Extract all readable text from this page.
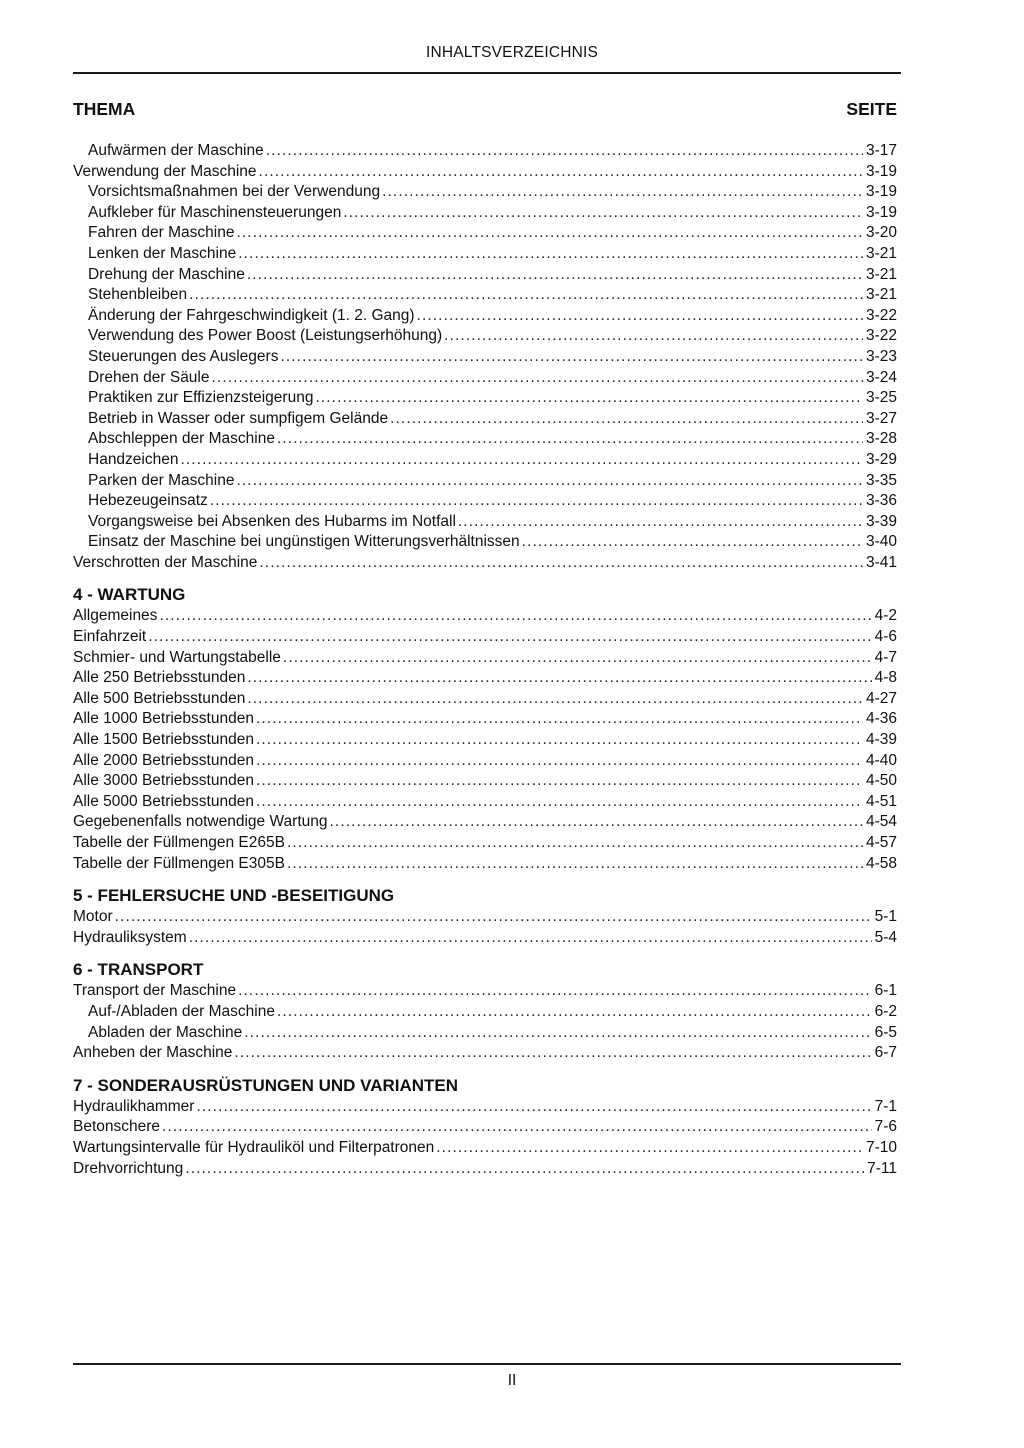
INHALTSVERZEICHNIS
THEMA	SEITE
Aufwärmen der Maschine .....	3-17
Verwendung der Maschine .....	3-19
Vorsichtsmaßnahmen bei der Verwendung .....	3-19
Aufkleber für Maschinensteuerungen .....	3-19
Fahren der Maschine .....	3-20
Lenken der Maschine .....	3-21
Drehung der Maschine .....	3-21
Stehenbleiben .....	3-21
Änderung der Fahrgeschwindigkeit (1. 2. Gang) .....	3-22
Verwendung des Power Boost (Leistungserhöhung) .....	3-22
Steuerungen des Auslegers .....	3-23
Drehen der Säule .....	3-24
Praktiken zur Effizienzsteigerung .....	3-25
Betrieb in Wasser oder sumpfigem Gelände .....	3-27
Abschleppen der Maschine .....	3-28
Handzeichen .....	3-29
Parken der Maschine .....	3-35
Hebezeugeinsatz .....	3-36
Vorgangsweise bei Absenken des Hubarms im Notfall .....	3-39
Einsatz der Maschine bei ungünstigen Witterungsverhältnissen .....	3-40
Verschrotten der Maschine .....	3-41
4 - WARTUNG
Allgemeines .....	4-2
Einfahrzeit .....	4-6
Schmier- und Wartungstabelle .....	4-7
Alle 250 Betriebsstunden .....	4-8
Alle 500 Betriebsstunden .....	4-27
Alle 1000 Betriebsstunden .....	4-36
Alle 1500 Betriebsstunden .....	4-39
Alle 2000 Betriebsstunden .....	4-40
Alle 3000 Betriebsstunden .....	4-50
Alle 5000 Betriebsstunden .....	4-51
Gegebenenfalls notwendige Wartung .....	4-54
Tabelle der Füllmengen E265B .....	4-57
Tabelle der Füllmengen E305B .....	4-58
5 - FEHLERSUCHE UND -BESEITIGUNG
Motor .....	5-1
Hydrauliksystem .....	5-4
6 - TRANSPORT
Transport der Maschine .....	6-1
Auf-/Abladen der Maschine .....	6-2
Abladen der Maschine .....	6-5
Anheben der Maschine .....	6-7
7 - SONDERAUSRÜSTUNGEN UND VARIANTEN
Hydraulikhammer .....	7-1
Betonschere .....	7-6
Wartungsintervalle für Hydrauliköl und Filterpatronen .....	7-10
Drehvorrichtung .....	7-11
II
